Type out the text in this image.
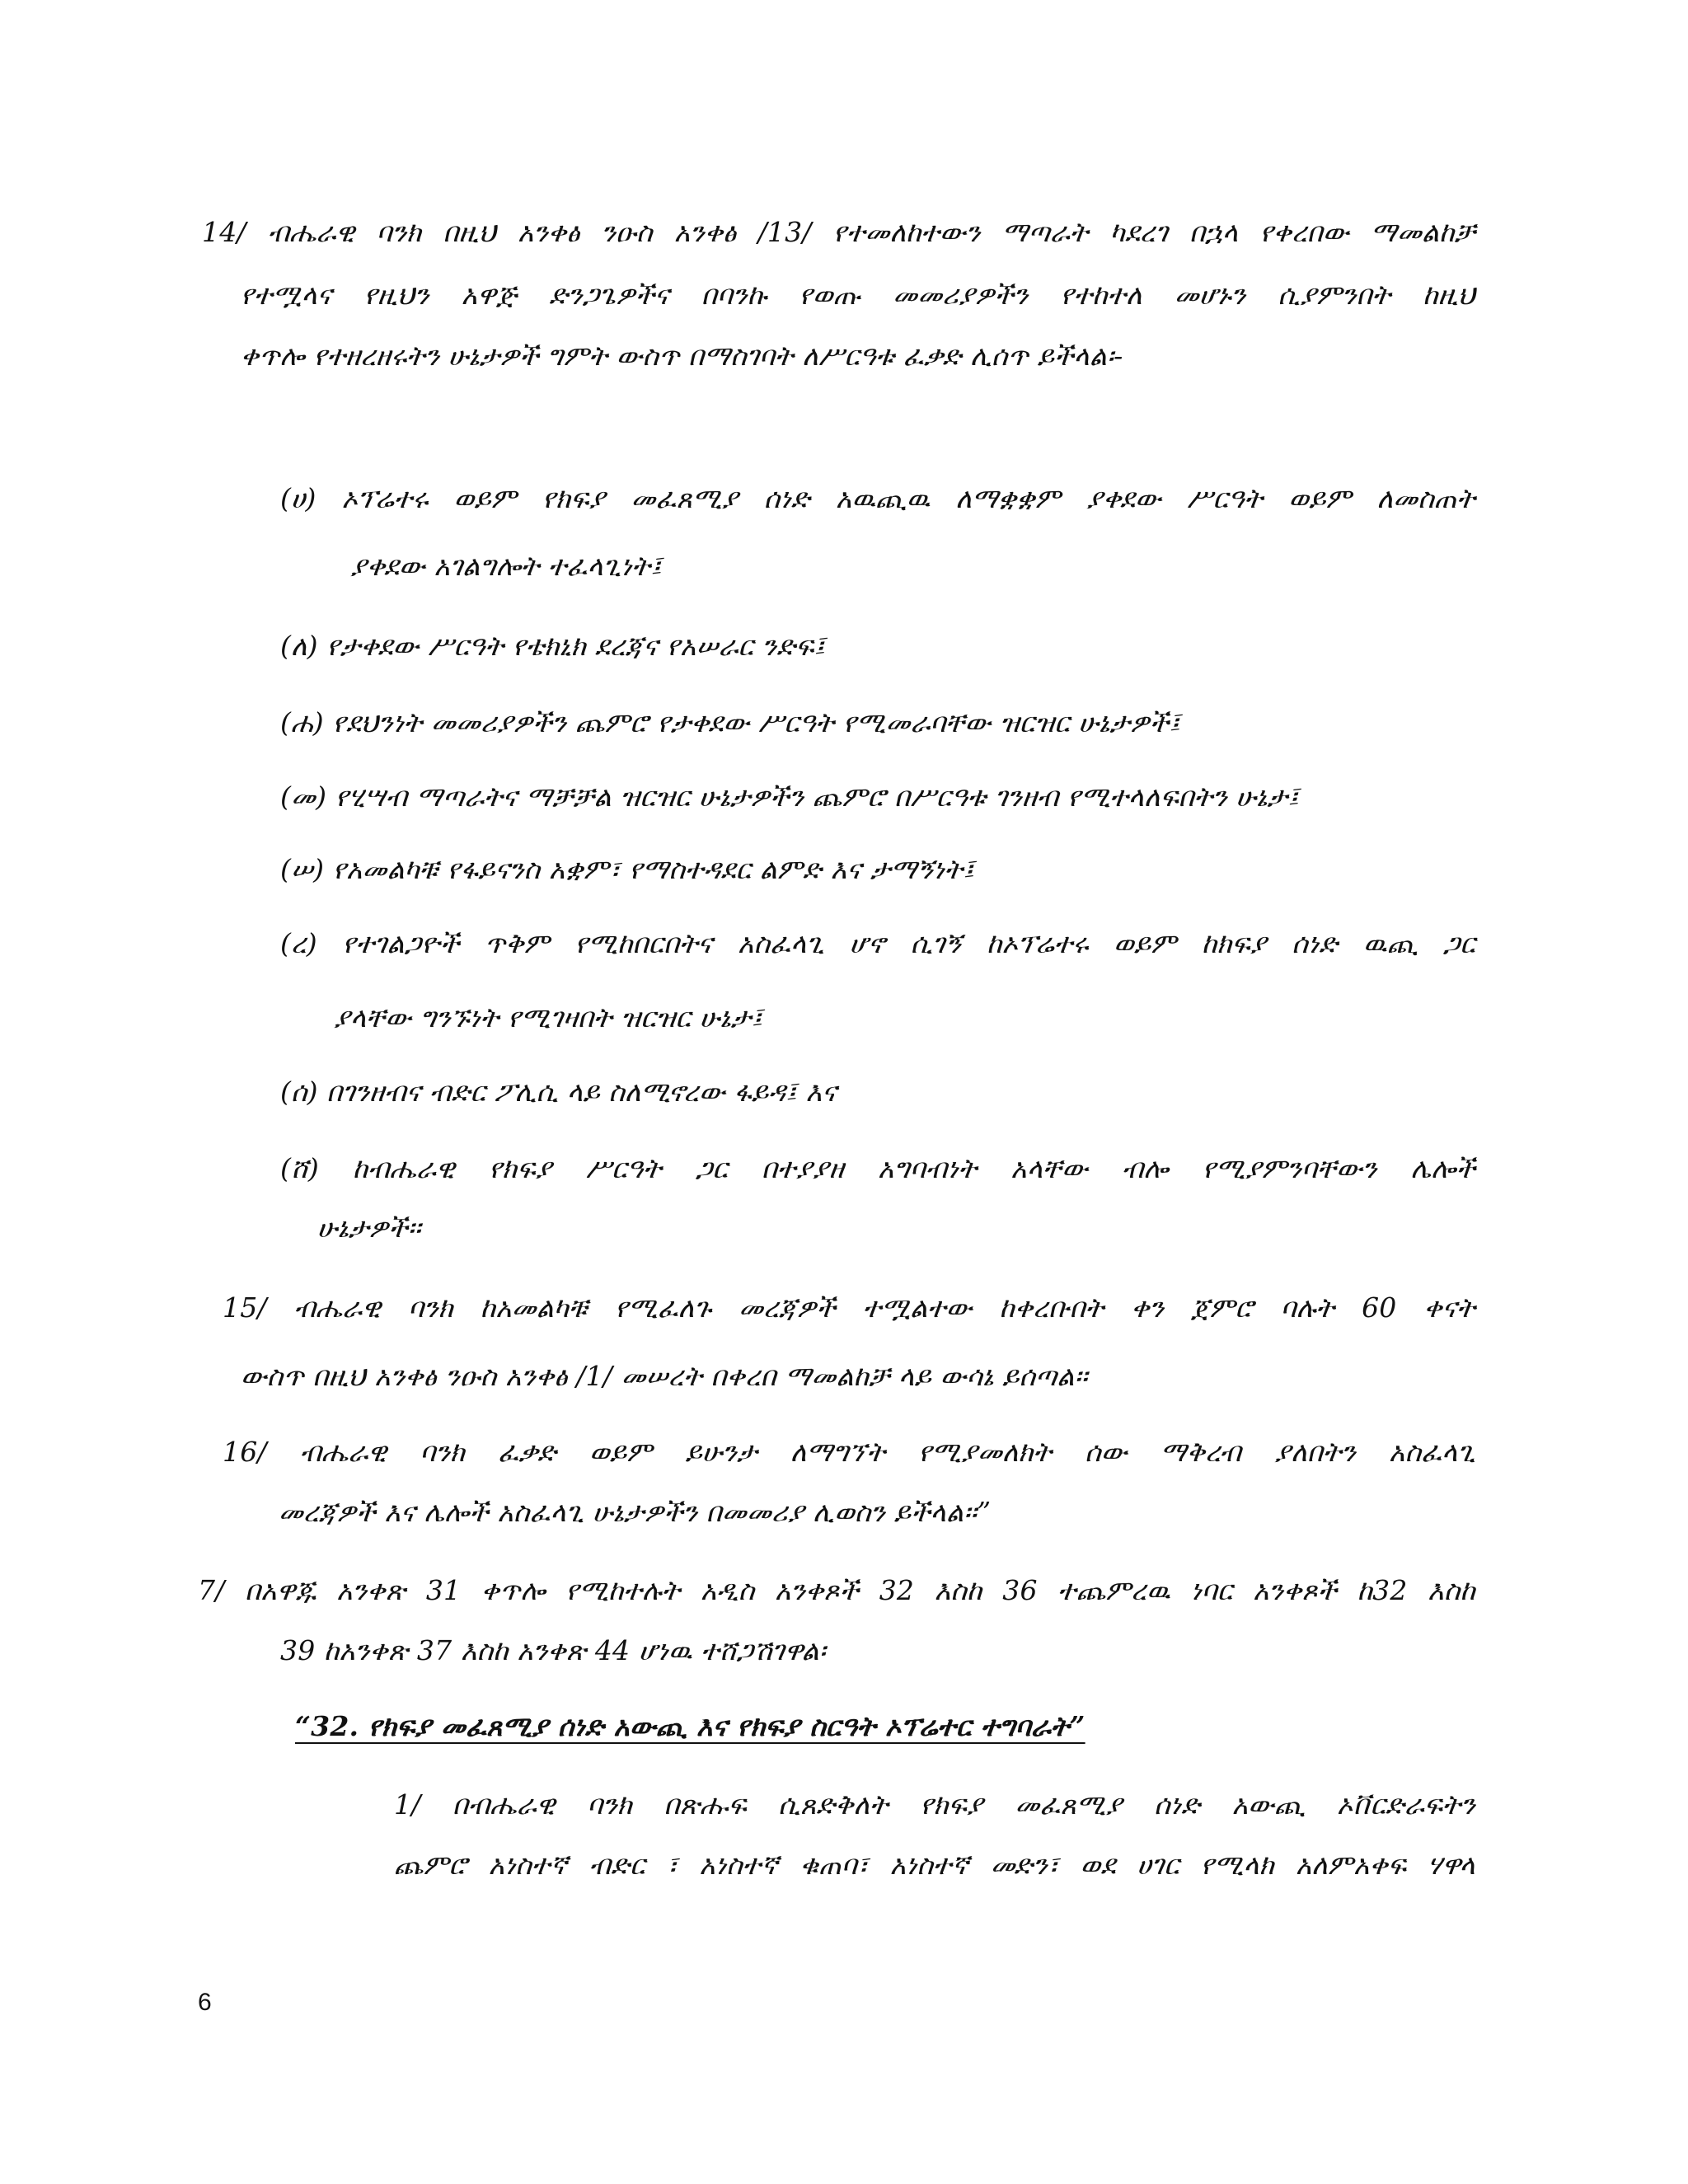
14/ ብሔራዊ ባንክ በዚህ አንቀፅ ንዑስ አንቀፅ /13/ የተመለከተውን ማጣራት ካደረገ በኋላ የቀረበው ማመልከቻ
የተሟላና የዚህን አዋጅ ድንጋጌዎችና በባንኩ የወጡ መመሪያዎችን የተከተለ መሆኑን ሲያምንበት ከዚህ
ቀጥሎ የተዘረዘሩትን ሁኔታዎች ግምት ውስጥ በማስገባት ለሥርዓቱ ፈቃድ ሊሰጥ ይችላል፡-
(ሀ) ኦፕሬተሩ ወይም የክፍያ መፈጸሚያ ሰነድ አዉጪዉ ለማቋቋም ያቀደው ሥርዓት ወይም ለመስጠት
ያቀደው አገልግሎት ተፈላጊነት፤
(ለ) የታቀደው ሥርዓት የቴክኒክ ደረጃና የአሠራር ንድፍ፤
(ሐ) የደህንነት መመሪያዎችን ጨምሮ የታቀደው ሥርዓት የሚመራባቸው ዝርዝር ሁኔታዎች፤
(መ) የሂሣብ ማጣራትና ማቻቻል ዝርዝር ሁኔታዎችን ጨምሮ በሥርዓቱ ገንዘብ የሚተላለፍበትን ሁኔታ፤
(ሠ) የአመልካቹ የፋይናንስ አቋም፣ የማስተዳደር ልምድ እና ታማኝነት፤
(ረ) የተገልጋዮች ጥቅም የሚከበርበትና አስፈላጊ ሆኖ ሲገኝ ከኦፕሬተሩ ወይም ከክፍያ ሰነድ ዉጪ ጋር
ያላቸው ግንኙነት የሚገዛበት ዝርዝር ሁኔታ፤
(ሰ) በገንዘብና ብድር ፖሊሲ ላይ ስለሚኖረው ፋይዳ፤ እና
(ሸ) ከብሔራዊ የክፍያ ሥርዓት ጋር በተያያዘ አግባብነት አላቸው ብሎ የሚያምንባቸውን ሌሎች
ሁኔታዎች፡፡
15/ ብሔራዊ ባንክ ከአመልካቹ የሚፈለጉ መረጃዎች ተሟልተው ከቀረቡበት ቀን ጀምሮ ባሉት 60 ቀናት
ውስጥ በዚህ አንቀፅ ንዑስ አንቀፅ /1/ መሠረት በቀረበ ማመልከቻ ላይ ውሳኔ ይሰጣል፡፡
16/ ብሔራዊ ባንክ ፈቃድ ወይም ይሁንታ ለማግኘት የሚያመለክት ሰው ማቅረብ ያለበትን አስፈላጊ
መረጃዎች እና ሌሎች አስፈላጊ ሁኔታዎችን በመመሪያ ሊወስን ይችላል፡፡”
7/ በአዋጁ አንቀጽ 31 ቀጥሎ የሚከተሉት አዲስ አንቀጾች 32 እስከ 36 ተጨምረዉ ነባር አንቀጾች ከ32 እስከ
39 ከአንቀጽ 37 እስከ አንቀጽ 44 ሆነዉ ተሸጋሽገዋል፡
“32. የክፍያ መፈጸሚያ ሰነድ አውጪ እና የክፍያ ስርዓት ኦፕሬተር ተግባራት”
1/ በብሔራዊ ባንክ በጽሑፍ ሲጸድቅለት የክፍያ መፈጸሚያ ሰነድ አውጪ ኦቨርድራፍትን
ጨምሮ አነስተኛ ብድር ፣ አነስተኛ ቁጠባ፣ አነስተኛ መድን፣ ወደ ሀገር የሚላክ አለምአቀፍ ሃዋላ
6
